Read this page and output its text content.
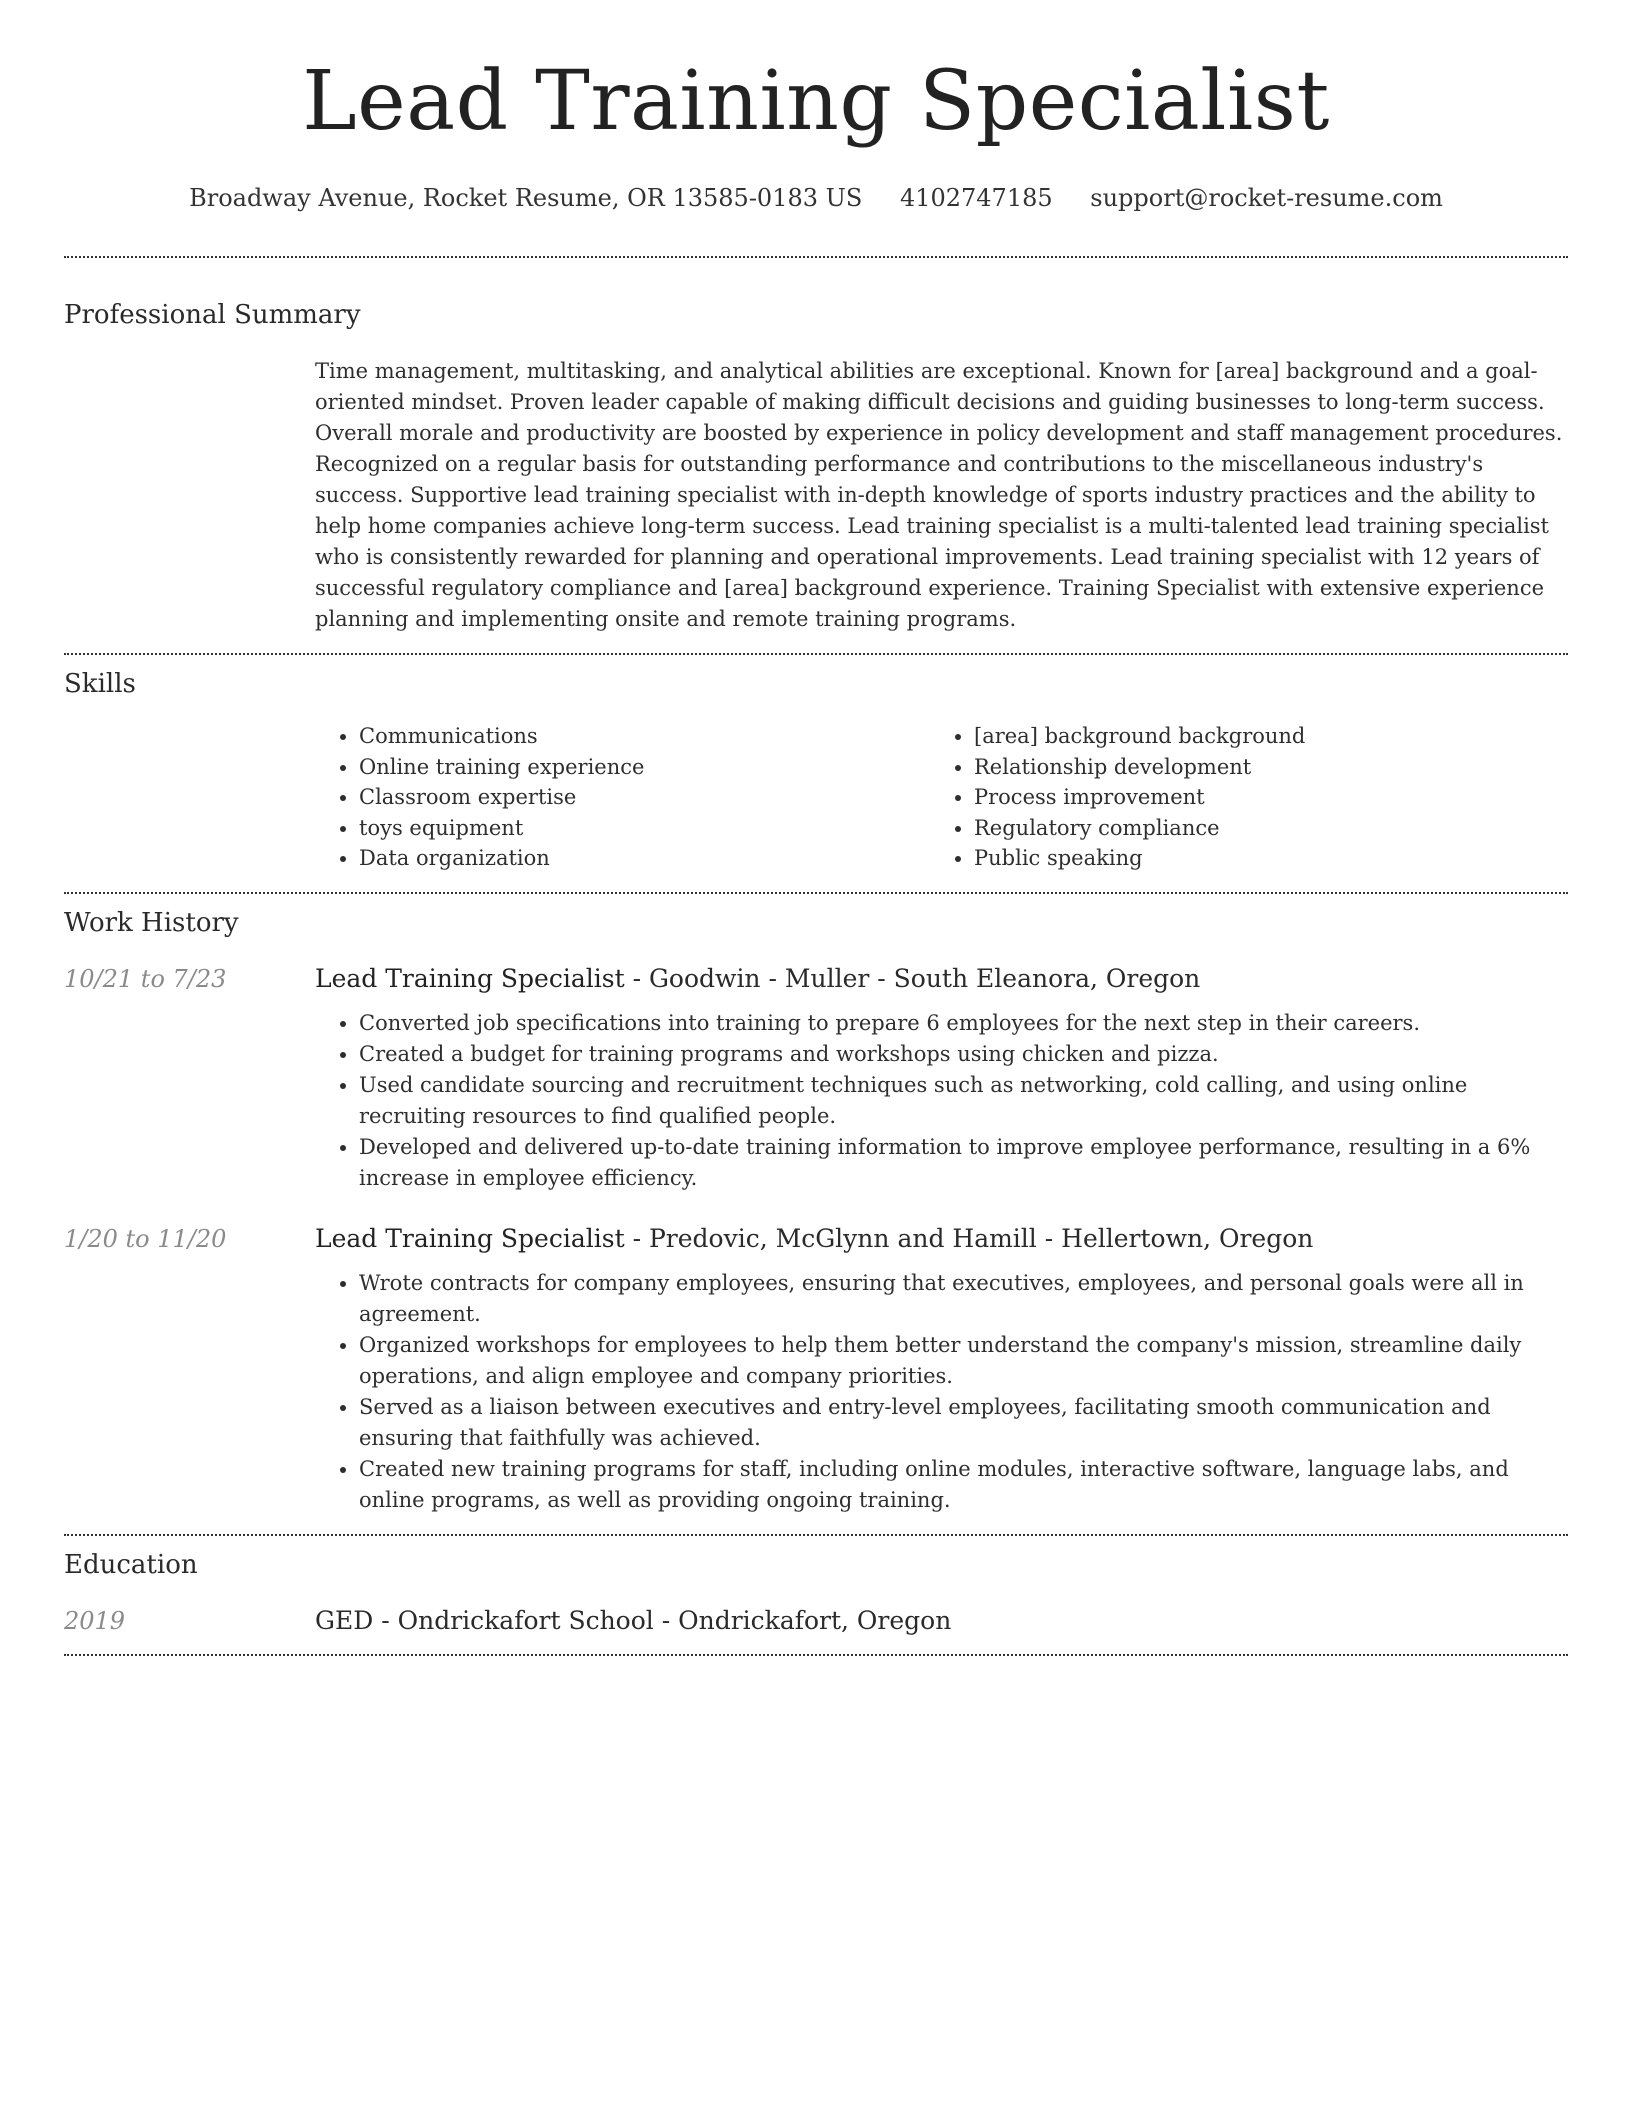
Lead Training Specialist
Broadway Avenue, Rocket Resume, OR 13585-0183 US 4102747185 support@rocket-resume.com
Professional Summary
Time management, multitasking, and analytical abilities are exceptional. Known for [area] background and a goal-oriented mindset. Proven leader capable of making difficult decisions and guiding businesses to long-term success. Overall morale and productivity are boosted by experience in policy development and staff management procedures. Recognized on a regular basis for outstanding performance and contributions to the miscellaneous industry's success. Supportive lead training specialist with in-depth knowledge of sports industry practices and the ability to help home companies achieve long-term success. Lead training specialist is a multi-talented lead training specialist who is consistently rewarded for planning and operational improvements. Lead training specialist with 12 years of successful regulatory compliance and [area] background experience. Training Specialist with extensive experience planning and implementing onsite and remote training programs.
Skills
• Communications
• Online training experience
• Classroom expertise
• toys equipment
• Data organization
• [area] background background
• Relationship development
• Process improvement
• Regulatory compliance
• Public speaking
Work History
10/21 to 7/23	Lead Training Specialist - Goodwin - Muller - South Eleanora, Oregon
• Converted job specifications into training to prepare 6 employees for the next step in their careers.
• Created a budget for training programs and workshops using chicken and pizza.
• Used candidate sourcing and recruitment techniques such as networking, cold calling, and using online recruiting resources to find qualified people.
• Developed and delivered up-to-date training information to improve employee performance, resulting in a 6% increase in employee efficiency.
1/20 to 11/20	Lead Training Specialist - Predovic, McGlynn and Hamill - Hellertown, Oregon
• Wrote contracts for company employees, ensuring that executives, employees, and personal goals were all in agreement.
• Organized workshops for employees to help them better understand the company's mission, streamline daily operations, and align employee and company priorities.
• Served as a liaison between executives and entry-level employees, facilitating smooth communication and ensuring that faithfully was achieved.
• Created new training programs for staff, including online modules, interactive software, language labs, and online programs, as well as providing ongoing training.
Education
2019	GED - Ondrickafort School - Ondrickafort, Oregon
